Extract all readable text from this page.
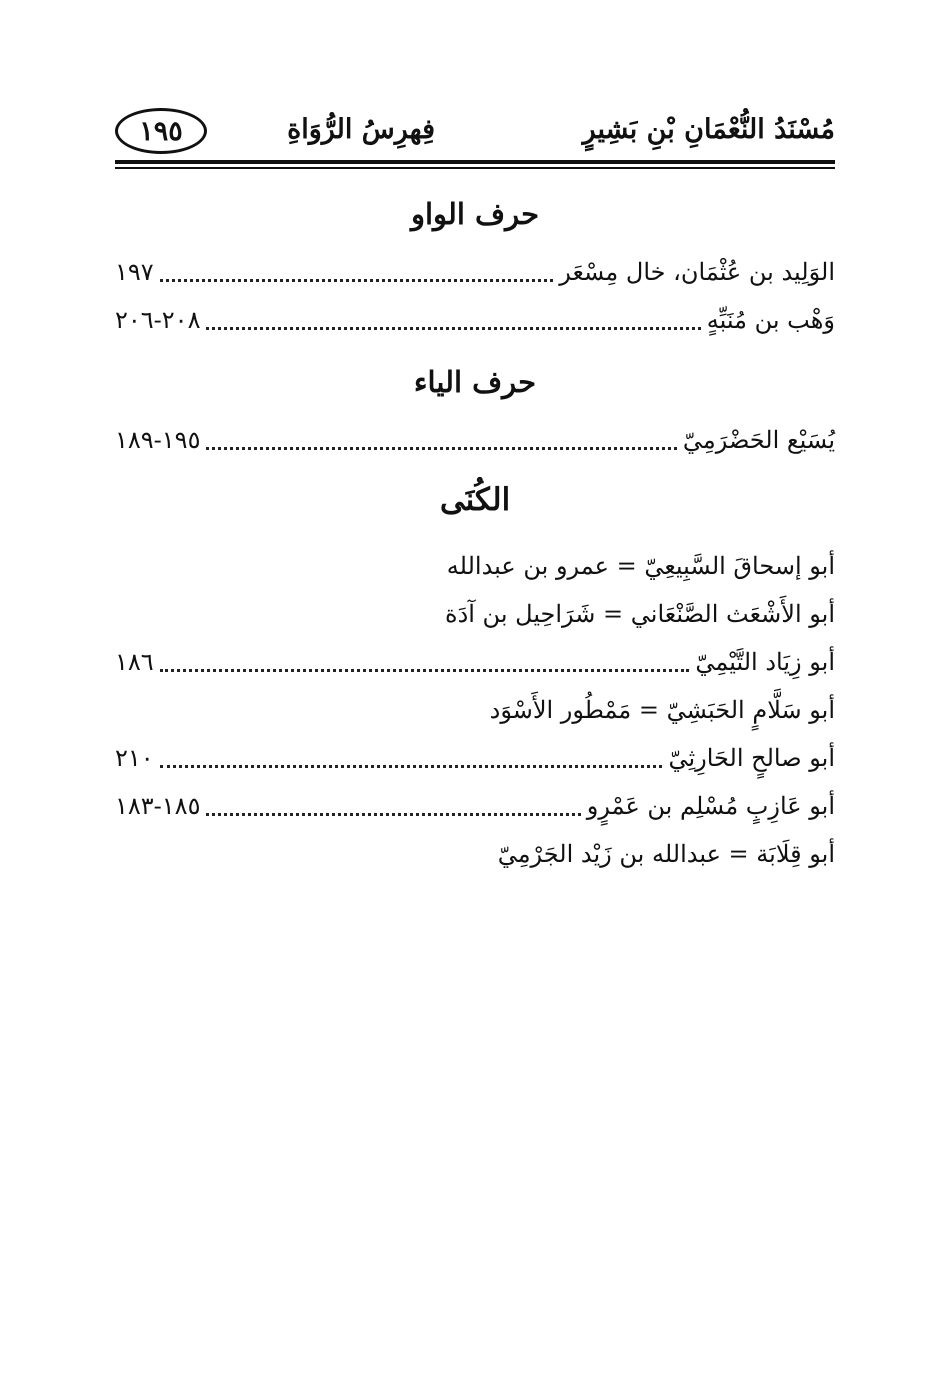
مُسْنَدُ النُّعْمَانِ بْنِ بَشِيرٍ
فِهرِسُ الرُّوَاةِ
١٩٥
حرف الواو
الوَلِيد بن عُثْمَان، خال مِسْعَر
١٩٧
وَهْب بن مُنَبِّهٍ
٢٠٨-٢٠٦
حرف الياء
يُسَيْع الحَضْرَمِيّ
١٩٥-١٨٩
الكُنَى
أبو إسحاقَ السَّبِيعِيّ = عمرو بن عبدالله
أبو الأَشْعَث الصَّنْعَاني = شَرَاحِيل بن آدَة
أبو زِيَاد التَّيْمِيّ
١٨٦
أبو سَلَّامٍ الحَبَشِيّ = مَمْطُور الأَسْوَد
أبو صالحٍ الحَارِثِيّ
٢١٠
أبو عَازِبٍ مُسْلِم بن عَمْرٍو
١٨٥-١٨٣
أبو قِلَابَة = عبدالله بن زَيْد الجَرْمِيّ
